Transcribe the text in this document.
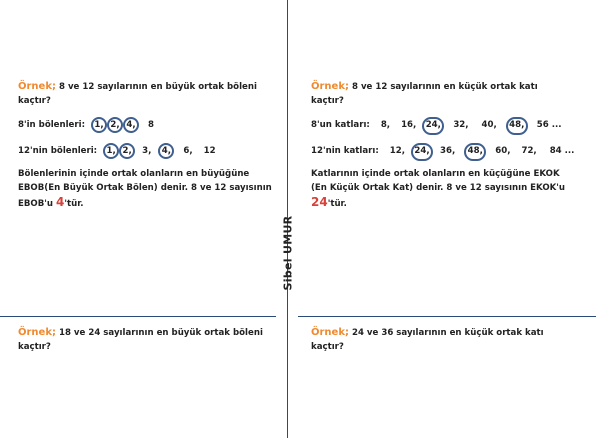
Sibel UMUR
Örnek; 8 ve 12 sayılarının en büyük ortak böleni
kaçtır?
8'in bölenleri: 1, 2, 4, 8
12'nin bölenleri: 1, 2, 3, 4, 6, 12
Bölenlerinin içinde ortak olanların en büyüğüne
EBOB(En Büyük Ortak Bölen) denir. 8 ve 12 sayısının
EBOB'u 4'tür.
Örnek; 8 ve 12 sayılarının en küçük ortak katı
kaçtır?
8'un katları: 8, 16, 24, 32, 40, 48, 56 ...
12'nin katları: 12, 24, 36, 48, 60, 72, 84 ...
Katlarının içinde ortak olanların en küçüğüne EKOK
(En Küçük Ortak Kat) denir. 8 ve 12 sayısının EKOK'u
24'tür.
Örnek; 18 ve 24 sayılarının en büyük ortak böleni
kaçtır?
Örnek; 24 ve 36 sayılarının en küçük ortak katı
kaçtır?
